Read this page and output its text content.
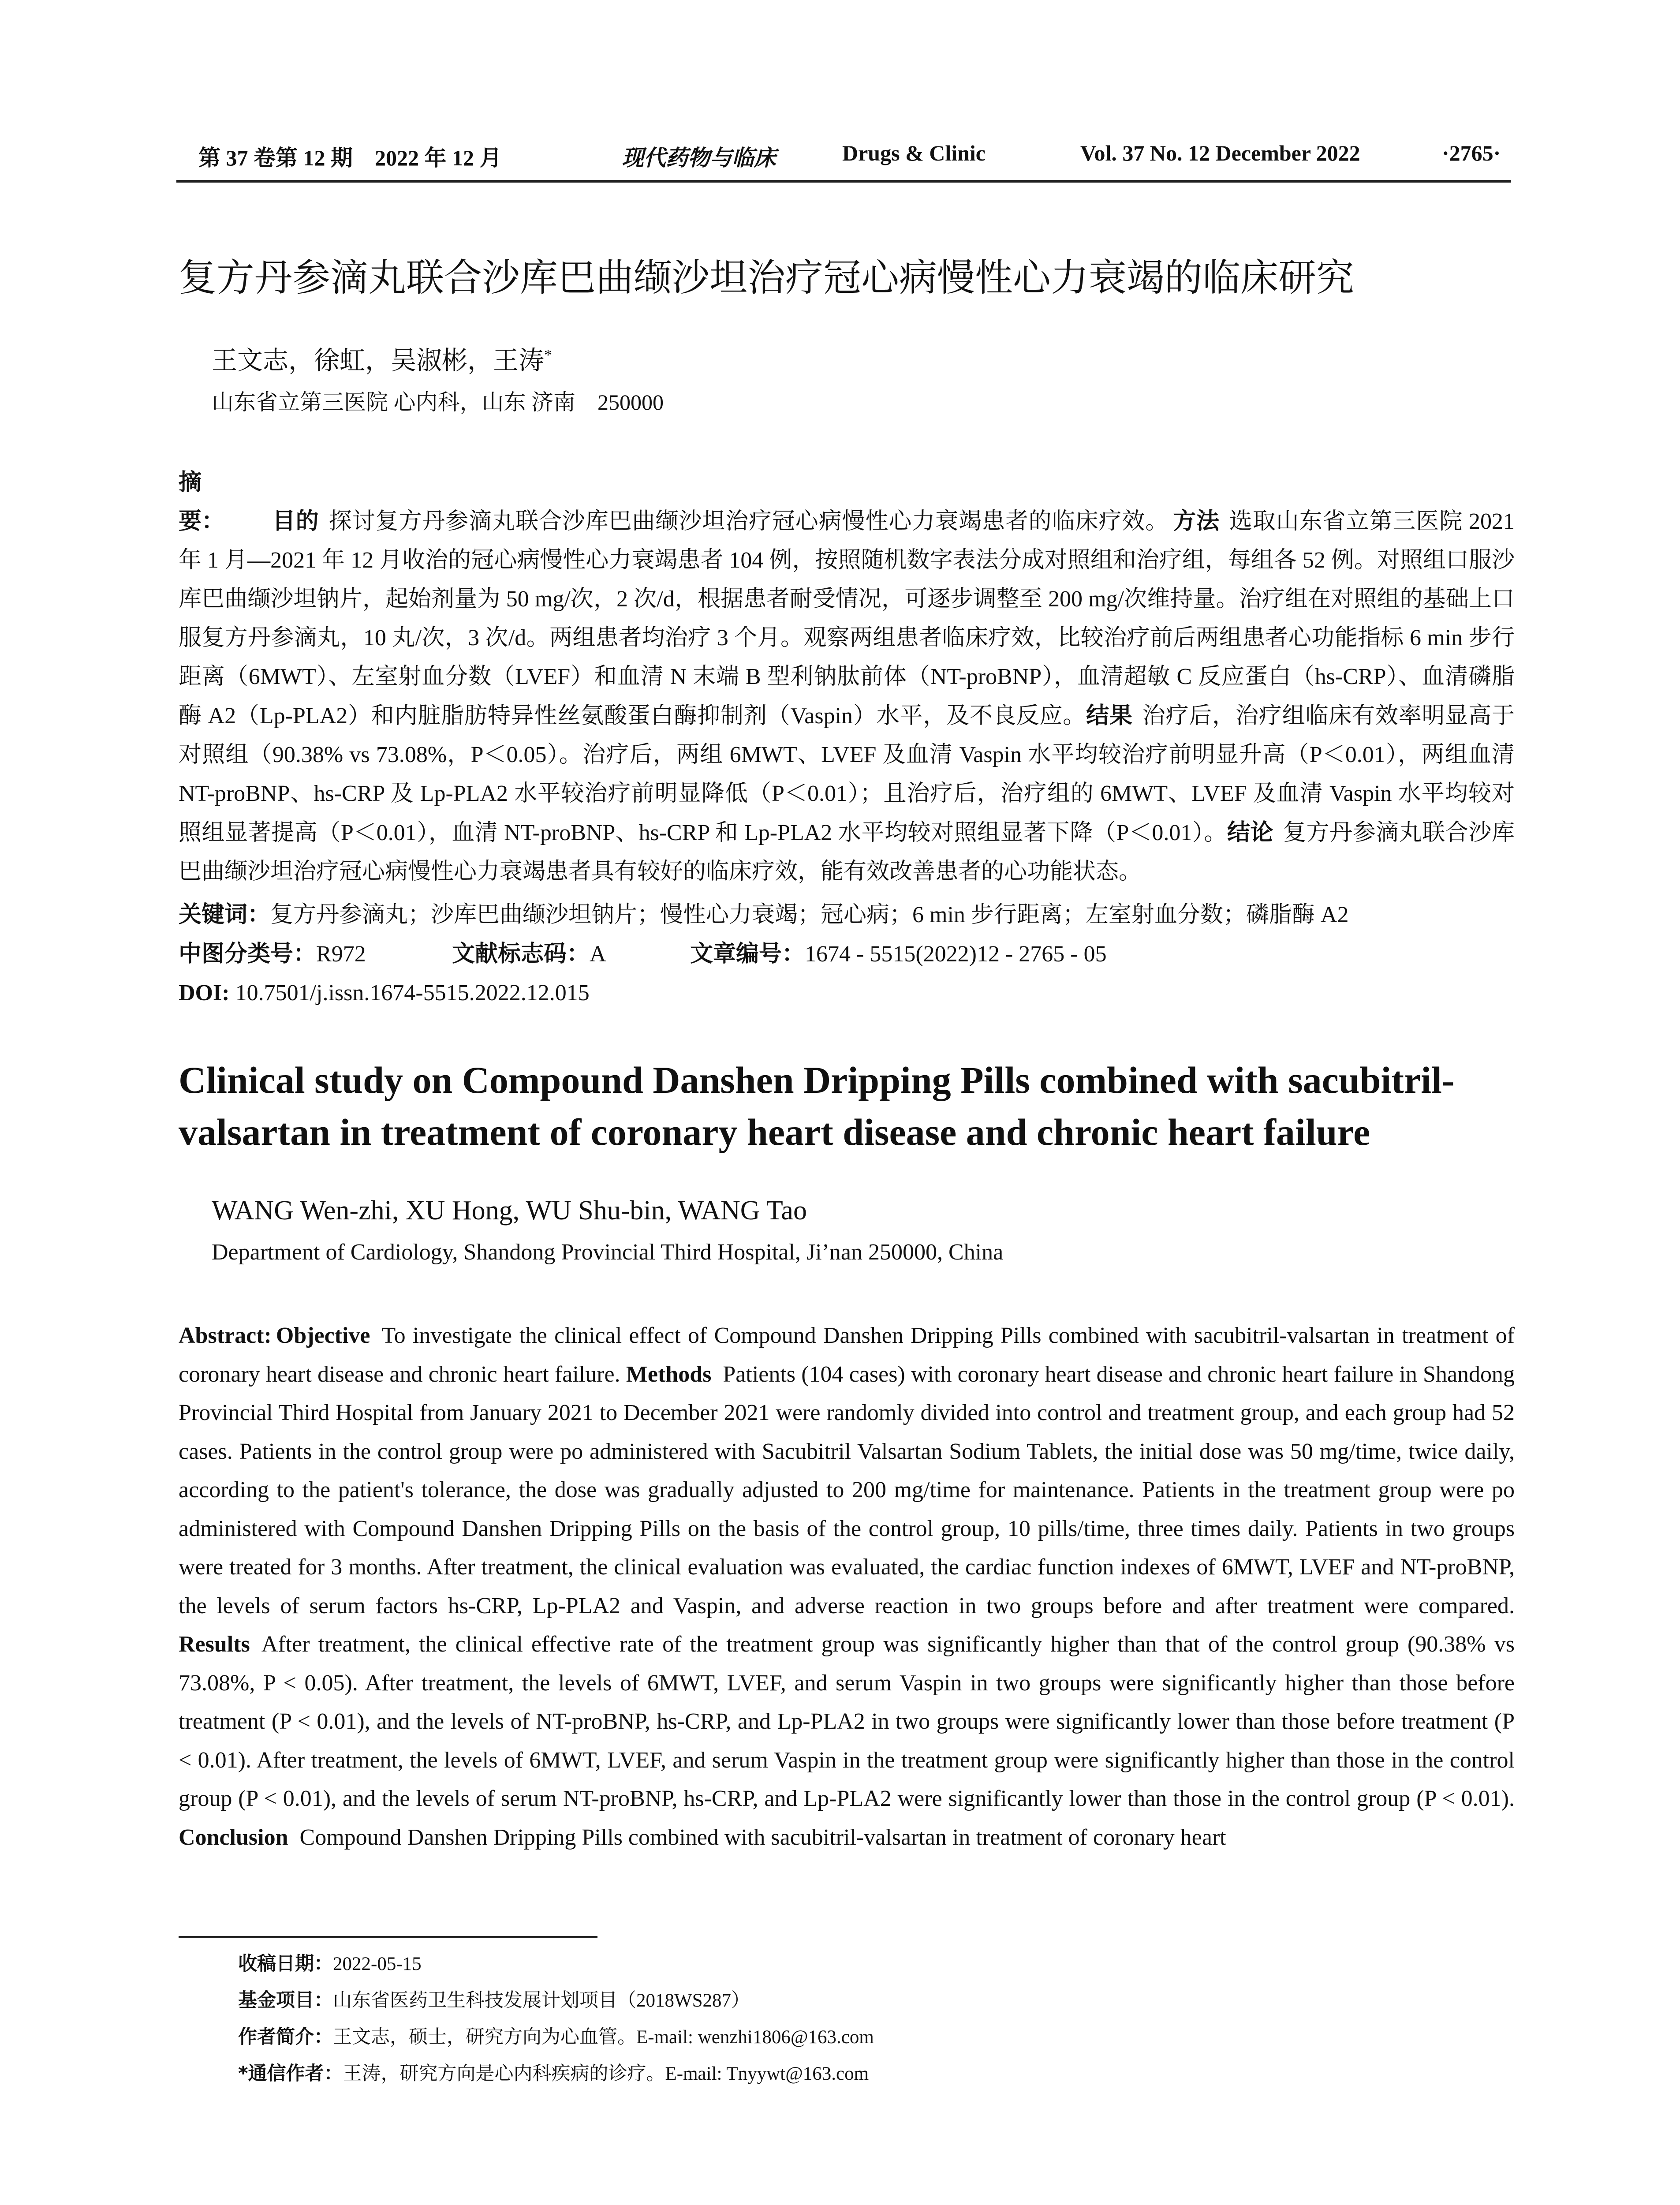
第 37 卷第 12 期　2022 年 12 月	现代药物与临床	Drugs & Clinic	Vol. 37 No. 12 December 2022	·2765·
复方丹参滴丸联合沙库巴曲缬沙坦治疗冠心病慢性心力衰竭的临床研究
王文志，徐虹，吴淑彬，王涛*
山东省立第三医院 心内科，山东 济南　250000
摘　要： 目的 探讨复方丹参滴丸联合沙库巴曲缬沙坦治疗冠心病慢性心力衰竭患者的临床疗效。 方法 选取山东省立第三医院 2021 年 1 月—2021 年 12 月收治的冠心病慢性心力衰竭患者 104 例，按照随机数字表法分成对照组和治疗组，每组各 52 例。对照组口服沙库巴曲缬沙坦钠片，起始剂量为 50 mg/次，2 次/d，根据患者耐受情况，可逐步调整至 200 mg/次维持量。治疗组在对照组的基础上口服复方丹参滴丸，10 丸/次，3 次/d。两组患者均治疗 3 个月。观察两组患者临床疗效，比较治疗前后两组患者心功能指标 6 min 步行距离（6MWT）、左室射血分数（LVEF）和血清 N 末端 B 型利钠肽前体（NT-proBNP），血清超敏 C 反应蛋白（hs-CRP）、血清磷脂酶 A2（Lp-PLA2）和内脏脂肪特异性丝氨酸蛋白酶抑制剂（Vaspin）水平，及不良反应。结果 治疗后，治疗组临床有效率明显高于对照组（90.38% vs 73.08%，P＜0.05）。治疗后，两组 6MWT、LVEF 及血清 Vaspin 水平均较治疗前明显升高（P＜0.01），两组血清 NT-proBNP、hs-CRP 及 Lp-PLA2 水平较治疗前明显降低（P＜0.01）；且治疗后，治疗组的 6MWT、LVEF 及血清 Vaspin 水平均较对照组显著提高（P＜0.01），血清 NT-proBNP、hs-CRP 和 Lp-PLA2 水平均较对照组显著下降（P＜0.01）。结论 复方丹参滴丸联合沙库巴曲缬沙坦治疗冠心病慢性心力衰竭患者具有较好的临床疗效，能有效改善患者的心功能状态。
关键词：复方丹参滴丸；沙库巴曲缬沙坦钠片；慢性心力衰竭；冠心病；6 min 步行距离；左室射血分数；磷脂酶 A2
中图分类号：R972	文献标志码：A	文章编号：1674 - 5515(2022)12 - 2765 - 05
DOI: 10.7501/j.issn.1674-5515.2022.12.015
Clinical study on Compound Danshen Dripping Pills combined with sacubitril-valsartan in treatment of coronary heart disease and chronic heart failure
WANG Wen-zhi, XU Hong, WU Shu-bin, WANG Tao
Department of Cardiology, Shandong Provincial Third Hospital, Ji’nan 250000, China
Abstract: Objective To investigate the clinical effect of Compound Danshen Dripping Pills combined with sacubitril-valsartan in treatment of coronary heart disease and chronic heart failure. Methods Patients (104 cases) with coronary heart disease and chronic heart failure in Shandong Provincial Third Hospital from January 2021 to December 2021 were randomly divided into control and treatment group, and each group had 52 cases. Patients in the control group were po administered with Sacubitril Valsartan Sodium Tablets, the initial dose was 50 mg/time, twice daily, according to the patient's tolerance, the dose was gradually adjusted to 200 mg/time for maintenance. Patients in the treatment group were po administered with Compound Danshen Dripping Pills on the basis of the control group, 10 pills/time, three times daily. Patients in two groups were treated for 3 months. After treatment, the clinical evaluation was evaluated, the cardiac function indexes of 6MWT, LVEF and NT-proBNP, the levels of serum factors hs-CRP, Lp-PLA2 and Vaspin, and adverse reaction in two groups before and after treatment were compared. Results After treatment, the clinical effective rate of the treatment group was significantly higher than that of the control group (90.38% vs 73.08%, P < 0.05). After treatment, the levels of 6MWT, LVEF, and serum Vaspin in two groups were significantly higher than those before treatment (P < 0.01), and the levels of NT-proBNP, hs-CRP, and Lp-PLA2 in two groups were significantly lower than those before treatment (P < 0.01). After treatment, the levels of 6MWT, LVEF, and serum Vaspin in the treatment group were significantly higher than those in the control group (P < 0.01), and the levels of serum NT-proBNP, hs-CRP, and Lp-PLA2 were significantly lower than those in the control group (P < 0.01). Conclusion Compound Danshen Dripping Pills combined with sacubitril-valsartan in treatment of coronary heart
收稿日期：2022-05-15
基金项目：山东省医药卫生科技发展计划项目（2018WS287）
作者简介：王文志，硕士，研究方向为心血管。E-mail: wenzhi1806@163.com
*通信作者：王涛，研究方向是心内科疾病的诊疗。E-mail: Tnyywt@163.com
